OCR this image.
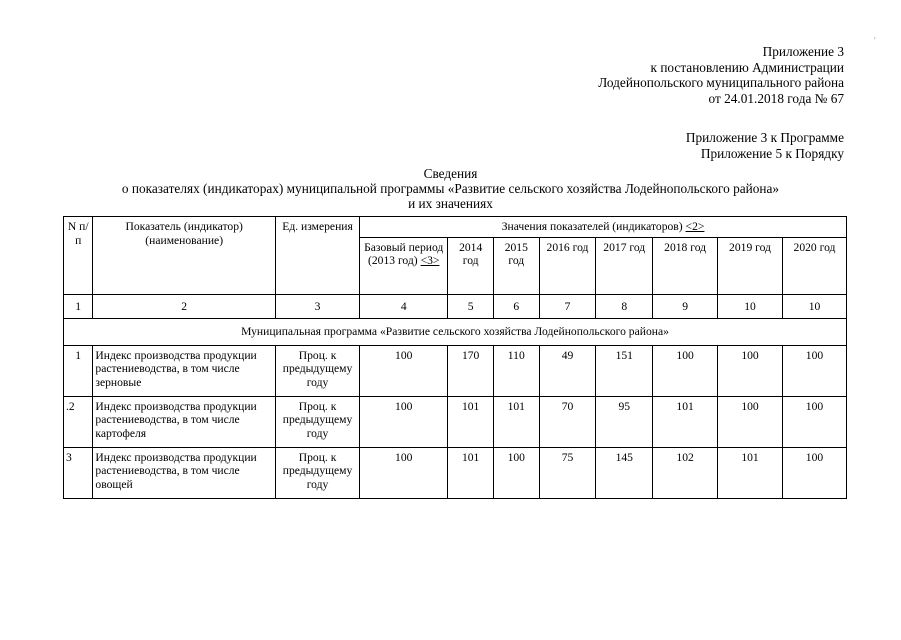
·
Приложение 3
к постановлению Администрации
Лодейнопольского муниципального района
от 24.01.2018 года № 67
Приложение 3 к Программе
Приложение 5 к Порядку
Сведения
о показателях (индикаторах) муниципальной программы «Развитие сельского хозяйства Лодейнопольского района»
и их значениях
N п/п	Показатель (индикатор) (наименование)	Ед. измерения	Значения показателей (индикаторов) <2>							
			Базовый период (2013 год) <3>	2014 год	2015 год	2016 год	2017 год	2018 год	2019 год	2020 год
1	2	3	4	5	6	7	8	9	10	10
Муниципальная программа «Развитие сельского хозяйства Лодейнопольского района»										
1	Индекс производства продукции растениеводства, в том числе зерновые	Проц. к предыдущему году	100	170	110	49	151	100	100	100
.2	Индекс производства продукции растениеводства, в том числе картофеля	Проц. к предыдущему году	100	101	101	70	95	101	100	100
3	Индекс производства продукции растениеводства, в том числе овощей	Проц. к предыдущему году	100	101	100	75	145	102	101	100
